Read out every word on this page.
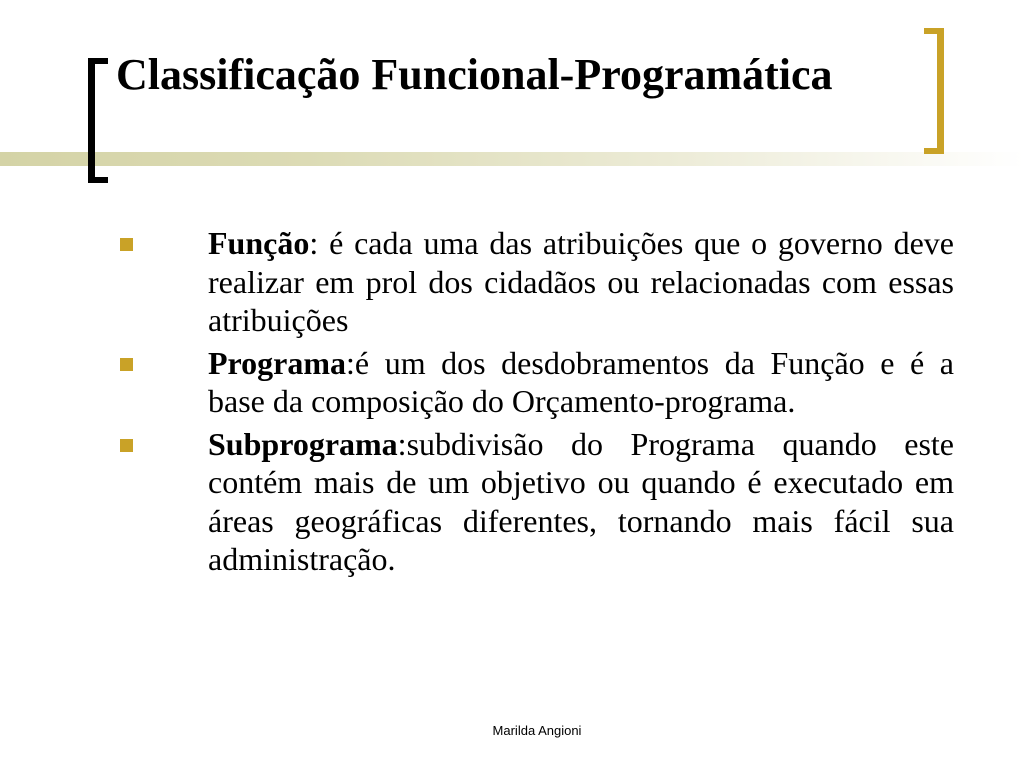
Classificação Funcional-Programática
Função: é cada uma das atribuições que o governo deve realizar em prol dos cidadãos ou relacionadas com essas atribuições
Programa:é um dos desdobramentos da Função e é a base da composição do Orçamento-programa.
Subprograma:subdivisão do Programa quando este contém mais de um objetivo ou quando é executado em áreas geográficas diferentes, tornando mais fácil sua administração.
Marilda Angioni
